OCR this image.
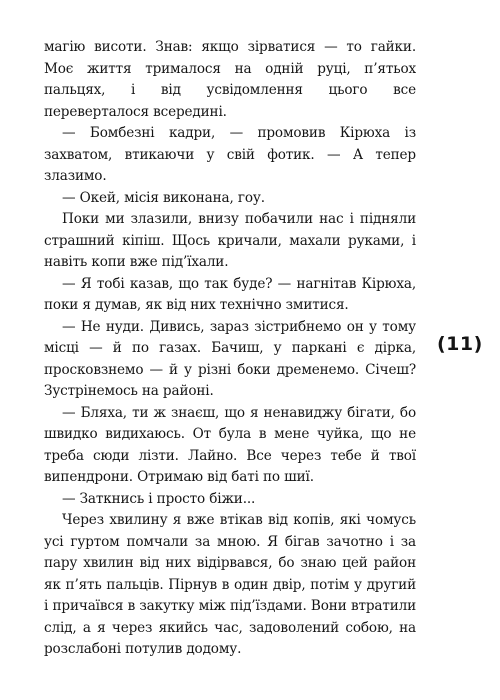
магію висоти. Знав: якщо зірватися — то гайки. Моє життя трималося на одній руці, п’ятьох пальцях, і від усвідомлення цього все переверталося всередині.

— Бомбезні кадри, — промовив Кірюха із захватом, втикаючи у свій фотик. — А тепер злазимо.

— Окей, місія виконана, гоу.

Поки ми злазили, внизу побачили нас і підняли страшний кіпіш. Щось кричали, махали руками, і навіть копи вже під’їхали.

— Я тобі казав, що так буде? — нагнітав Кірюха, поки я думав, як від них технічно змитися.

— Не нуди. Дивись, зараз зістрибнемо он у тому місці — й по газах. Бачиш, у паркані є дірка, просковзнемо — й у різні боки дременемо. Січеш? Зустрінемось на районі.

— Бляха, ти ж знаєш, що я ненавиджу бігати, бо швидко видихаюсь. От була в мене чуйка, що не треба сюди лізти. Лайно. Все через тебе й твої випендрони. Отримаю від баті по шиї.

— Заткнись і просто біжи...

Через хвилину я вже втікав від копів, які чомусь усі гуртом помчали за мною. Я бігав зачотно і за пару хвилин від них відірвався, бо знаю цей район як п’ять пальців. Пірнув в один двір, потім у другий і причаївся в закутку між під’їздами. Вони втратили слід, а я через якийсь час, задоволений собою, на розслабоні потулив додому.

(11)
